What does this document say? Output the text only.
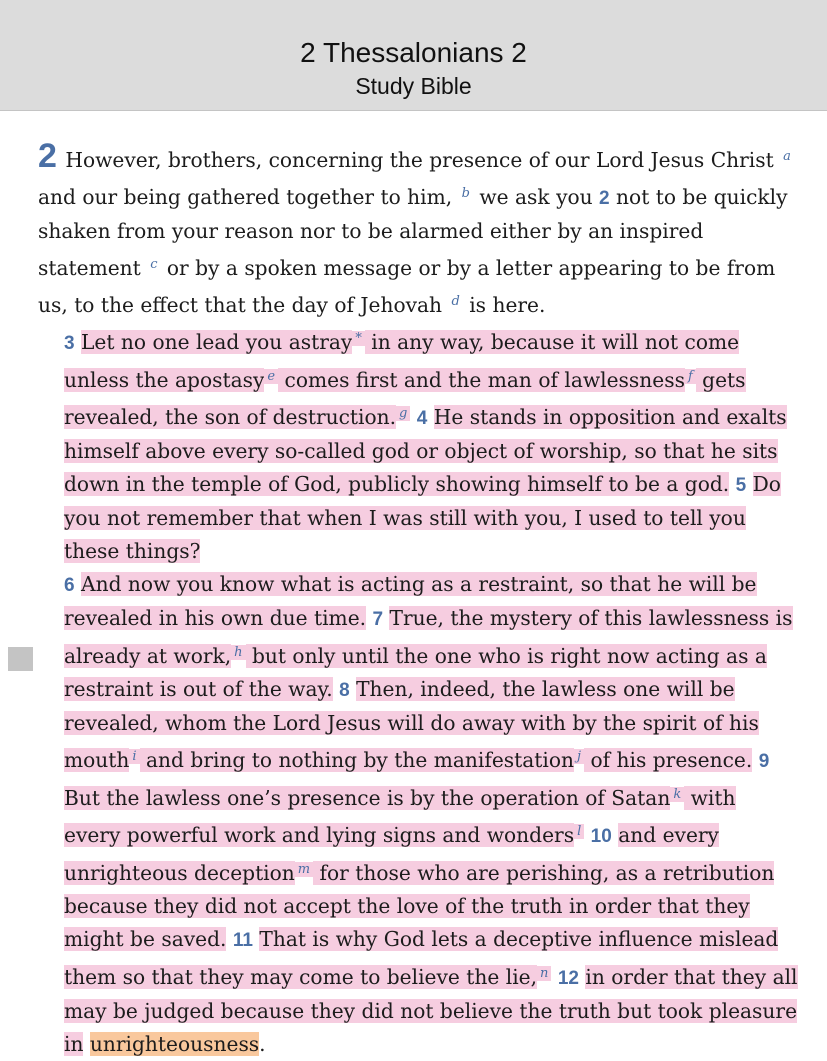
2 Thessalonians 2
Study Bible

2 However, brothers, concerning the presence of our Lord Jesus Christ $^a$ and our being gathered together to him, $^b$ we ask you 2 not to be quickly shaken from your reason nor to be alarmed either by an inspired statement $^c$ or by a spoken message or by a letter appearing to be from us, to the effect that the day of Jehovah $^d$ is here.

3 Let no one lead you astray * in any way, because it will not come unless the apostasy $^e$ comes first and the man of lawlessness $^f$ gets revealed, the son of destruction. $^g$ 4 He stands in opposition and exalts himself above every so-called god or object of worship, so that he sits down in the temple of God, publicly showing himself to be a god. 5 Do you not remember that when I was still with you, I used to tell you these things?

6 And now you know what is acting as a restraint, so that he will be revealed in his own due time. 7 True, the mystery of this lawlessness is already at work, $^h$ but only until the one who is right now acting as a restraint is out of the way. 8 Then, indeed, the lawless one will be revealed, whom the Lord Jesus will do away with by the spirit of his mouth $^i$ and bring to nothing by the manifestation $^j$ of his presence. 9 But the lawless one’s presence is by the operation of Satan $^k$ with every powerful work and lying signs and wonders $^l$ 10 and every unrighteous deception $^m$ for those who are perishing, as a retribution because they did not accept the love of the truth in order that they might be saved. 11 That is why God lets a deceptive influence mislead them so that they may come to believe the lie, $^n$ 12 in order that they all may be judged because they did not believe the truth but took pleasure in unrighteousness.
